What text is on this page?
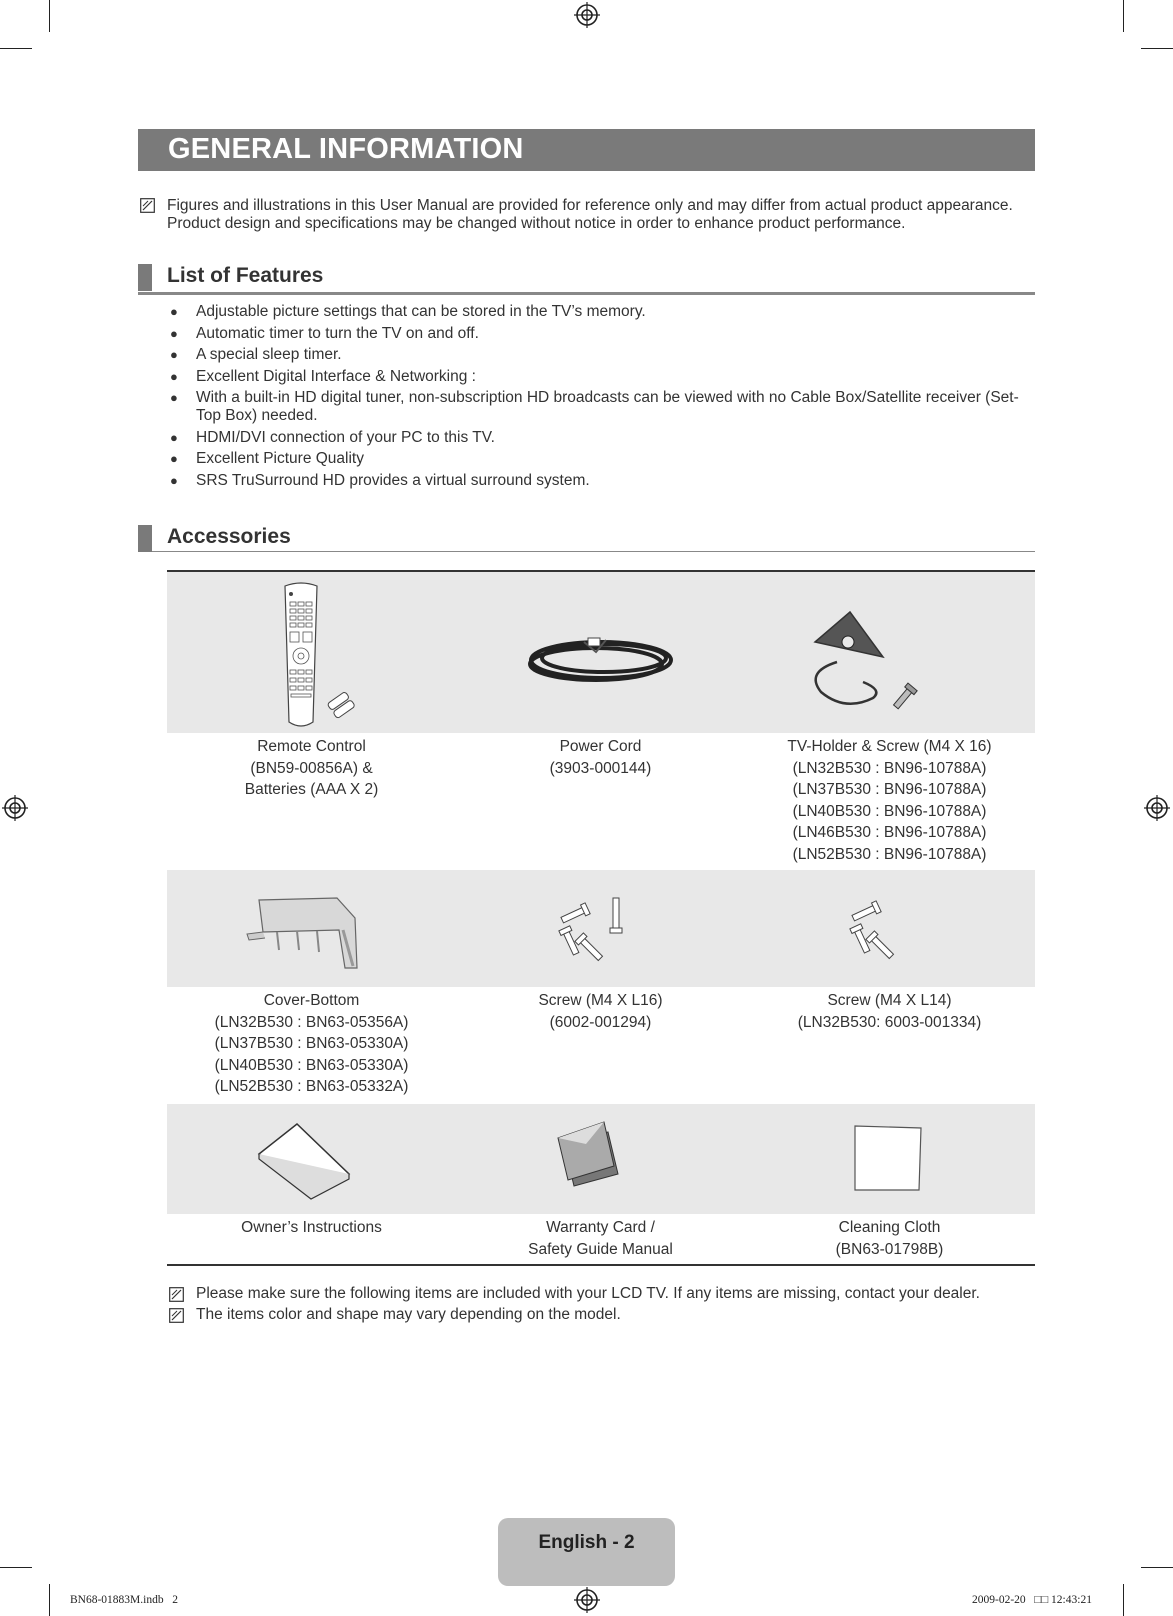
GENERAL INFORMATION
Figures and illustrations in this User Manual are provided for reference only and may differ from actual product appearance.
Product design and specifications may be changed without notice in order to enhance product performance.
List of Features
● Adjustable picture settings that can be stored in the TV’s memory.
● Automatic timer to turn the TV on and off.
● A special sleep timer.
● Excellent Digital Interface & Networking :
● With a built-in HD digital tuner, non-subscription HD broadcasts can be viewed with no Cable Box/Satellite receiver (Set-Top Box) needed.
● HDMI/DVI connection of your PC to this TV.
● Excellent Picture Quality
● SRS TruSurround HD provides a virtual surround system.
Accessories
Remote Control
(BN59-00856A) &
Batteries (AAA X 2)
Power Cord
(3903-000144)
TV-Holder & Screw (M4 X 16)
(LN32B530 : BN96-10788A)
(LN37B530 : BN96-10788A)
(LN40B530 : BN96-10788A)
(LN46B530 : BN96-10788A)
(LN52B530 : BN96-10788A)
Cover-Bottom
(LN32B530 : BN63-05356A)
(LN37B530 : BN63-05330A)
(LN40B530 : BN63-05330A)
(LN52B530 : BN63-05332A)
Screw (M4 X L16)
(6002-001294)
Screw (M4 X L14)
(LN32B530: 6003-001334)
Owner’s Instructions	Warranty Card /
Safety Guide Manual
Cleaning Cloth
(BN63-01798B)
Please make sure the following items are included with your LCD TV. If any items are missing, contact your dealer.
The items color and shape may vary depending on the model.
English - 2
BN68-01883M.indb   2	2009-02-20   □□ 12:43:21
